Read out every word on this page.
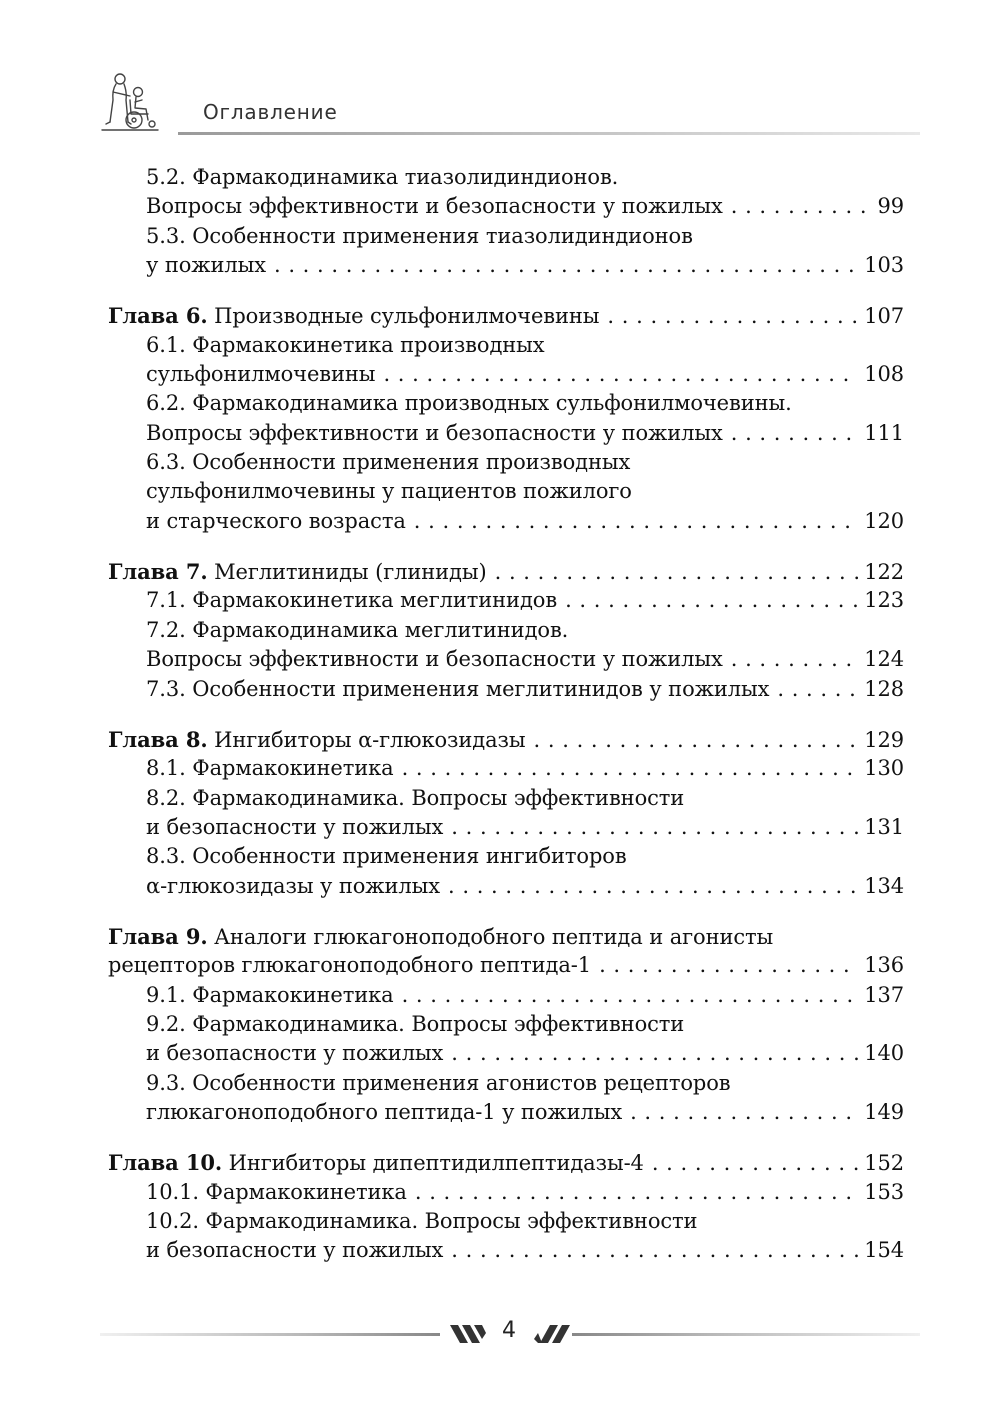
Оглавление
5.2. Фармакодинамика тиазолидиндионов.
Вопросы эффективности и безопасности у пожилых . . .	99
5.3. Особенности применения тиазолидиндионов
у пожилых . . .	103
Глава 6. Производные сульфонилмочевины . . .	107
6.1. Фармакокинетика производных
сульфонилмочевины . . .	108
6.2. Фармакодинамика производных сульфонилмочевины.
Вопросы эффективности и безопасности у пожилых . . .	111
6.3. Особенности применения производных
сульфонилмочевины у пациентов пожилого
и старческого возраста . . .	120
Глава 7. Меглитиниды (глиниды) . . .	122
7.1. Фармакокинетика меглитинидов . . .	123
7.2. Фармакодинамика меглитинидов.
Вопросы эффективности и безопасности у пожилых . . .	124
7.3. Особенности применения меглитинидов у пожилых . . .	128
Глава 8. Ингибиторы α-глюкозидазы . . .	129
8.1. Фармакокинетика . . .	130
8.2. Фармакодинамика. Вопросы эффективности
и безопасности у пожилых . . .	131
8.3. Особенности применения ингибиторов
α-глюкозидазы у пожилых . . .	134
Глава 9. Аналоги глюкагоноподобного пептида и агонисты
рецепторов глюкагоноподобного пептида-1 . . .	136
9.1. Фармакокинетика . . .	137
9.2. Фармакодинамика. Вопросы эффективности
и безопасности у пожилых . . .	140
9.3. Особенности применения агонистов рецепторов
глюкагоноподобного пептида-1 у пожилых . . .	149
Глава 10. Ингибиторы дипептидилпептидазы-4 . . .	152
10.1. Фармакокинетика . . .	153
10.2. Фармакодинамика. Вопросы эффективности
и безопасности у пожилых . . .	154
4
